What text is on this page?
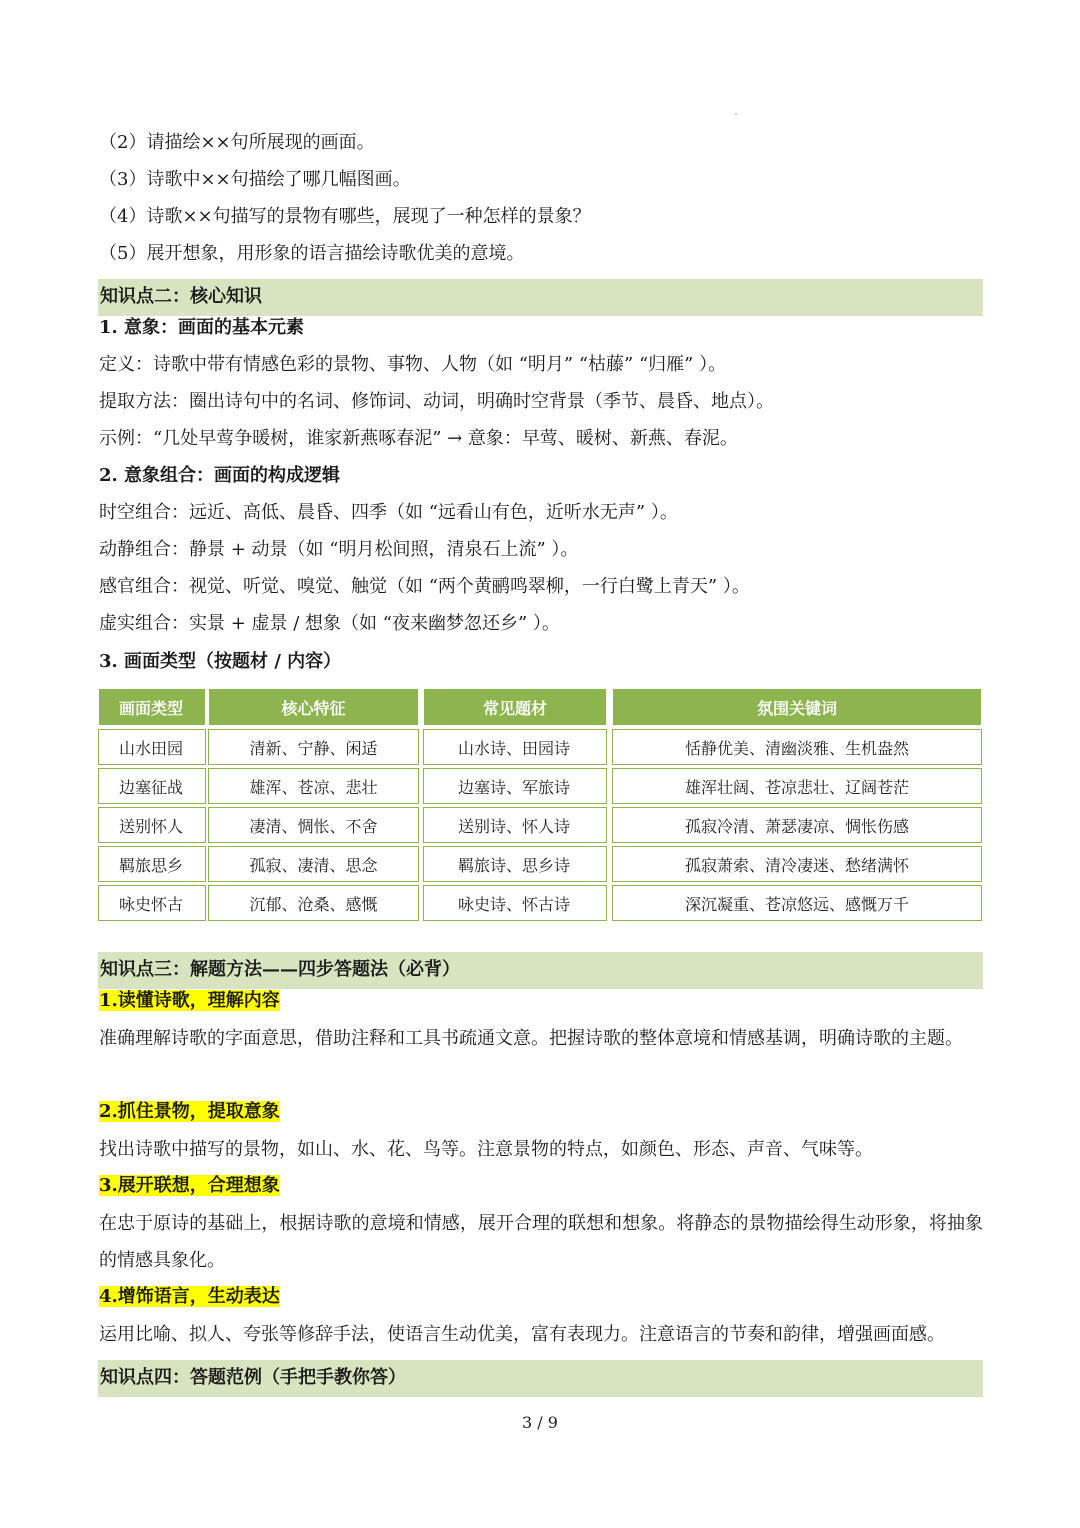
（2）请描绘××句所展现的画面。
（3）诗歌中××句描绘了哪几幅图画。
（4）诗歌××句描写的景物有哪些，展现了一种怎样的景象？
（5）展开想象，用形象的语言描绘诗歌优美的意境。
知识点二：核心知识
1. 意象：画面的基本元素
定义：诗歌中带有情感色彩的景物、事物、人物（如 “明月” “枯藤” “归雁” ）。
提取方法：圈出诗句中的名词、修饰词、动词，明确时空背景（季节、晨昏、地点）。
示例：“几处早莺争暖树，谁家新燕啄春泥” → 意象：早莺、暖树、新燕、春泥。
2. 意象组合：画面的构成逻辑
时空组合：远近、高低、晨昏、四季（如 “远看山有色，近听水无声” ）。
动静组合：静景 + 动景（如 “明月松间照，清泉石上流” ）。
感官组合：视觉、听觉、嗅觉、触觉（如 “两个黄鹂鸣翠柳，一行白鹭上青天” ）。
虚实组合：实景 + 虚景 / 想象（如 “夜来幽梦忽还乡” ）。
3. 画面类型（按题材 / 内容）
画面类型	核心特征	常见题材	氛围关键词
山水田园	清新、宁静、闲适	山水诗、田园诗	恬静优美、清幽淡雅、生机盎然
边塞征战	雄浑、苍凉、悲壮	边塞诗、军旅诗	雄浑壮阔、苍凉悲壮、辽阔苍茫
送别怀人	凄清、惆怅、不舍	送别诗、怀人诗	孤寂冷清、萧瑟凄凉、惆怅伤感
羁旅思乡	孤寂、凄清、思念	羁旅诗、思乡诗	孤寂萧索、清冷凄迷、愁绪满怀
咏史怀古	沉郁、沧桑、感慨	咏史诗、怀古诗	深沉凝重、苍凉悠远、感慨万千
知识点三：解题方法——四步答题法（必背）
1.读懂诗歌，理解内容
准确理解诗歌的字面意思，借助注释和工具书疏通文意。把握诗歌的整体意境和情感基调，明确诗歌的主题。
2.抓住景物，提取意象
找出诗歌中描写的景物，如山、水、花、鸟等。注意景物的特点，如颜色、形态、声音、气味等。
3.展开联想，合理想象
在忠于原诗的基础上，根据诗歌的意境和情感，展开合理的联想和想象。将静态的景物描绘得生动形象，将抽象的情感具象化。
4.增饰语言，生动表达
运用比喻、拟人、夸张等修辞手法，使语言生动优美，富有表现力。注意语言的节奏和韵律，增强画面感。
知识点四：答题范例（手把手教你答）
3 / 9
